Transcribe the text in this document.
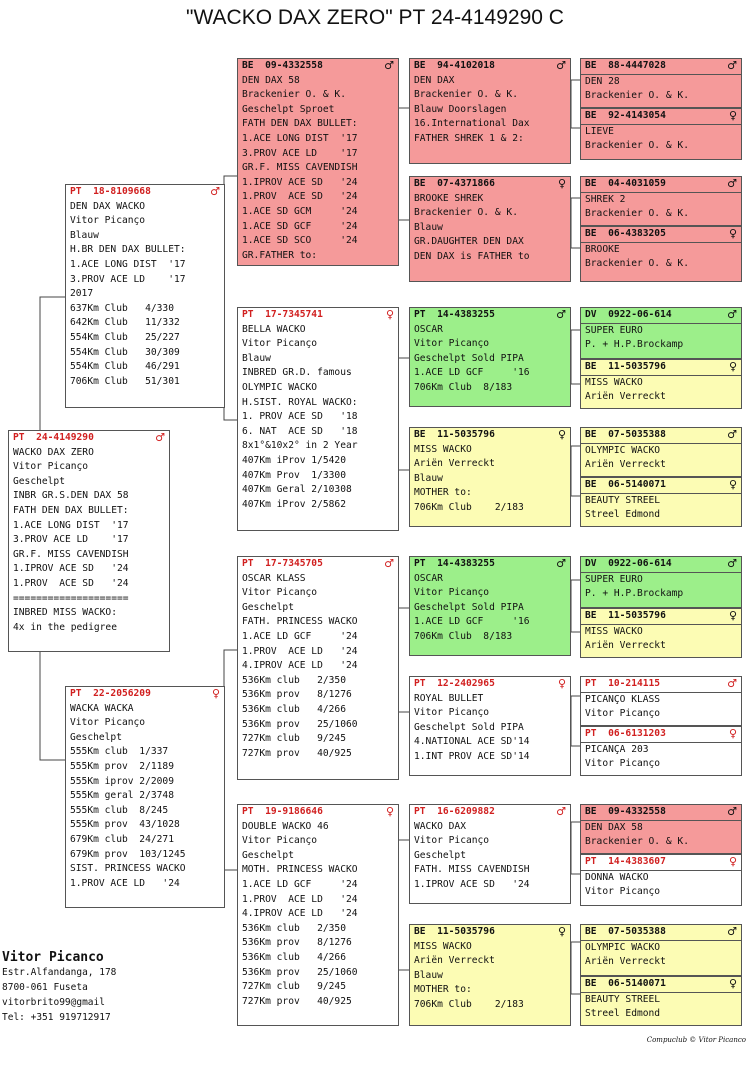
"WACKO DAX ZERO" PT 24-4149290 C
PT  24-4149290	♂
WACKO DAX ZERO
Vitor Picanço
Geschelpt
INBR GR.S.DEN DAX 58
FATH DEN DAX BULLET:
1.ACE LONG DIST  '17
3.PROV ACE LD    '17
GR.F. MISS CAVENDISH
1.IPROV ACE SD   '24
1.PROV  ACE SD   '24
====================
INBRED MISS WACKO:
4x in the pedigree
PT  18-8109668	♂
DEN DAX WACKO
Vitor Picanço
Blauw
H.BR DEN DAX BULLET:
1.ACE LONG DIST  '17
3.PROV ACE LD    '17
2017
637Km Club   4/330
642Km Club   11/332
554Km Club   25/227
554Km Club   30/309
554Km Club   46/291
706Km Club   51/301
PT  22-2056209	♀
WACKA WACKA
Vitor Picanço
Geschelpt
555Km club  1/337
555Km prov  2/1189
555Km iprov 2/2009
555Km geral 2/3748
555Km club  8/245
555Km prov  43/1028
679Km club  24/271
679Km prov  103/1245
SIST. PRINCESS WACKO
1.PROV ACE LD   '24
BE  09-4332558	♂
DEN DAX 58
Brackenier O. & K.
Geschelpt Sproet
FATH DEN DAX BULLET:
1.ACE LONG DIST  '17
3.PROV ACE LD    '17
GR.F. MISS CAVENDISH
1.IPROV ACE SD   '24
1.PROV  ACE SD   '24
1.ACE SD GCM     '24
1.ACE SD GCF     '24
1.ACE SD SCO     '24
GR.FATHER to:
PT  17-7345741	♀
BELLA WACKO
Vitor Picanço
Blauw
INBRED GR.D. famous
OLYMPIC WACKO
H.SIST. ROYAL WACKO:
1. PROV ACE SD   '18
6. NAT  ACE SD   '18
8x1°&10x2° in 2 Year
407Km iProv 1/5420
407Km Prov  1/3300
407Km Geral 2/10308
407Km iProv 2/5862
PT  17-7345705	♂
OSCAR KLASS
Vitor Picanço
Geschelpt
FATH. PRINCESS WACKO
1.ACE LD GCF     '24
1.PROV  ACE LD   '24
4.IPROV ACE LD   '24
536Km club   2/350
536Km prov   8/1276
536Km club   4/266
536Km prov   25/1060
727Km club   9/245
727Km prov   40/925
PT  19-9186646	♀
DOUBLE WACKO 46
Vitor Picanço
Geschelpt
MOTH. PRINCESS WACKO
1.ACE LD GCF     '24
1.PROV  ACE LD   '24
4.IPROV ACE LD   '24
536Km club   2/350
536Km prov   8/1276
536Km club   4/266
536Km prov   25/1060
727Km club   9/245
727Km prov   40/925
BE  94-4102018	♂
DEN DAX
Brackenier O. & K.
Blauw Doorslagen
16.International Dax
FATHER SHREK 1 & 2:
BE  07-4371866	♀
BROOKE SHREK
Brackenier O. & K.
Blauw
GR.DAUGHTER DEN DAX
DEN DAX is FATHER to
PT  14-4383255	♂
OSCAR
Vitor Picanço
Geschelpt Sold PIPA
1.ACE LD GCF     '16
706Km Club  8/183
BE  11-5035796	♀
MISS WACKO
Ariën Verreckt
Blauw
MOTHER to:
706Km Club    2/183
PT  14-4383255	♂
OSCAR
Vitor Picanço
Geschelpt Sold PIPA
1.ACE LD GCF     '16
706Km Club  8/183
PT  12-2402965	♀
ROYAL BULLET
Vitor Picanço
Geschelpt Sold PIPA
4.NATIONAL ACE SD'14
1.INT PROV ACE SD'14
PT  16-6209882	♂
WACKO DAX
Vitor Picanço
Geschelpt
FATH. MISS CAVENDISH
1.IPROV ACE SD   '24
BE  11-5035796	♀
MISS WACKO
Ariën Verreckt
Blauw
MOTHER to:
706Km Club    2/183
BE  88-4447028	♂
DEN 28
Brackenier O. & K.
BE  92-4143054	♀
LIEVE
Brackenier O. & K.
BE  04-4031059	♂
SHREK 2
Brackenier O. & K.
BE  06-4383205	♀
BROOKE
Brackenier O. & K.
DV  0922-06-614	♂
SUPER EURO
P. + H.P.Brockamp
BE  11-5035796	♀
MISS WACKO
Ariën Verreckt
BE  07-5035388	♂
OLYMPIC WACKO
Ariën Verreckt
BE  06-5140071	♀
BEAUTY STREEL
Streel Edmond
DV  0922-06-614	♂
SUPER EURO
P. + H.P.Brockamp
BE  11-5035796	♀
MISS WACKO
Ariën Verreckt
PT  10-214115	♂
PICANÇO KLASS
Vitor Picanço
PT  06-6131203	♀
PICANÇA 203
Vitor Picanço
BE  09-4332558	♂
DEN DAX 58
Brackenier O. & K.
PT  14-4383607	♀
DONNA WACKO
Vitor Picanço
BE  07-5035388	♂
OLYMPIC WACKO
Ariën Verreckt
BE  06-5140071	♀
BEAUTY STREEL
Streel Edmond
Vitor Picanco
Estr.Alfandanga, 178
8700-061 Fuseta
vitorbrito99@gmail
Tel: +351 919712917
Compuclub © Vitor Picanco
